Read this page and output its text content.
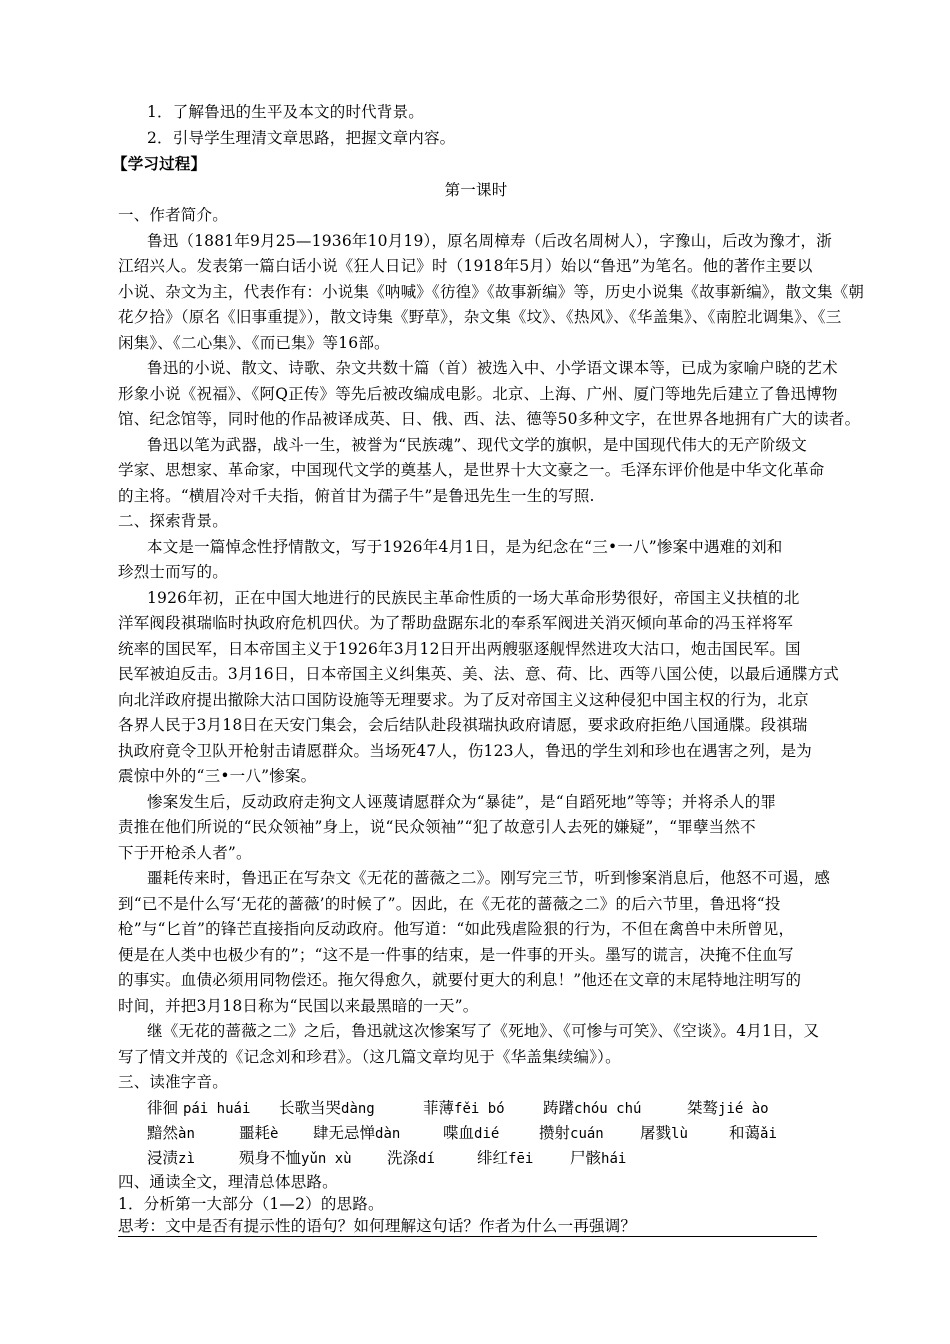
1．了解鲁迅的生平及本文的时代背景。
2．引导学生理清文章思路，把握文章内容。
【学习过程】
第一课时
一、作者简介。
鲁迅（1881年9月25—1936年10月19），原名周樟寿（后改名周树人），字豫山，后改为豫才，浙
江绍兴人。发表第一篇白话小说《狂人日记》时（1918年5月）始以“鲁迅”为笔名。他的著作主要以
小说、杂文为主，代表作有：小说集《呐喊》《彷徨》《故事新编》等，历史小说集《故事新编》，散文集《朝
花夕拾》（原名《旧事重提》），散文诗集《野草》，杂文集《坟》、《热风》、《华盖集》、《南腔北调集》、《三
闲集》、《二心集》、《而已集》等16部。
鲁迅的小说、散文、诗歌、杂文共数十篇（首）被选入中、小学语文课本等，已成为家喻户晓的艺术
形象小说《祝福》、《阿Q正传》等先后被改编成电影。北京、上海、广州、厦门等地先后建立了鲁迅博物
馆、纪念馆等，同时他的作品被译成英、日、俄、西、法、德等50多种文字，在世界各地拥有广大的读者。
鲁迅以笔为武器，战斗一生，被誉为“民族魂”、现代文学的旗帜，是中国现代伟大的无产阶级文
学家、思想家、革命家，中国现代文学的奠基人，是世界十大文豪之一。毛泽东评价他是中华文化革命
的主将。“横眉冷对千夫指，俯首甘为孺子牛”是鲁迅先生一生的写照.
二、探索背景。
本文是一篇悼念性抒情散文，写于1926年4月1日，是为纪念在“三•一八”惨案中遇难的刘和
珍烈士而写的。
1926年初，正在中国大地进行的民族民主革命性质的一场大革命形势很好，帝国主义扶植的北
洋军阀段祺瑞临时执政府危机四伏。为了帮助盘踞东北的奉系军阀进关消灭倾向革命的冯玉祥将军
统率的国民军，日本帝国主义于1926年3月12日开出两艘驱逐舰悍然进攻大沽口，炮击国民军。国
民军被迫反击。3月16日，日本帝国主义纠集英、美、法、意、荷、比、西等八国公使，以最后通牒方式
向北洋政府提出撤除大沽口国防设施等无理要求。为了反对帝国主义这种侵犯中国主权的行为，北京
各界人民于3月18日在天安门集会，会后结队赴段祺瑞执政府请愿，要求政府拒绝八国通牒。段祺瑞
执政府竟令卫队开枪射击请愿群众。当场死47人，伤123人，鲁迅的学生刘和珍也在遇害之列，是为
震惊中外的“三•一八”惨案。
惨案发生后，反动政府走狗文人诬蔑请愿群众为“暴徒”，是“自蹈死地”等等；并将杀人的罪
责推在他们所说的“民众领袖”身上，说“民众领袖”“犯了故意引人去死的嫌疑”，“罪孽当然不
下于开枪杀人者”。
噩耗传来时，鲁迅正在写杂文《无花的蔷薇之二》。刚写完三节，听到惨案消息后，他怒不可遏，感
到“已不是什么写‘无花的蔷薇’的时候了”。因此，在《无花的蔷薇之二》的后六节里，鲁迅将“投
枪”与“匕首”的锋芒直接指向反动政府。他写道：“如此残虐险狠的行为，不但在禽兽中未所曾见，
便是在人类中也极少有的”；“这不是一件事的结束，是一件事的开头。墨写的谎言，决掩不住血写
的事实。血债必须用同物偿还。拖欠得愈久，就要付更大的利息！”他还在文章的末尾特地注明写的
时间，并把3月18日称为“民国以来最黑暗的一天”。
继《无花的蔷薇之二》之后，鲁迅就这次惨案写了《死地》、《可惨与可笑》、《空谈》。4月1日，又
写了情文并茂的《记念刘和珍君》。（这几篇文章均见于《华盖集续编》）。
三、读准字音。
徘徊 pái huái 长歌当哭dàng	菲薄fěi bó 踌躇chóu chú	桀骜jié ào
黯然àn	噩耗è 肆无忌惮dàn	喋血dié	攒射cuán 屠戮lù	和蔼ǎi
浸渍zì	殒身不恤yǔn xù 洗涤dí	绯红fēi 尸骸hái
四、通读全文，理清总体思路。
1．分析第一大部分（1—2）的思路。
思考：文中是否有提示性的语句？如何理解这句话？作者为什么一再强调？
